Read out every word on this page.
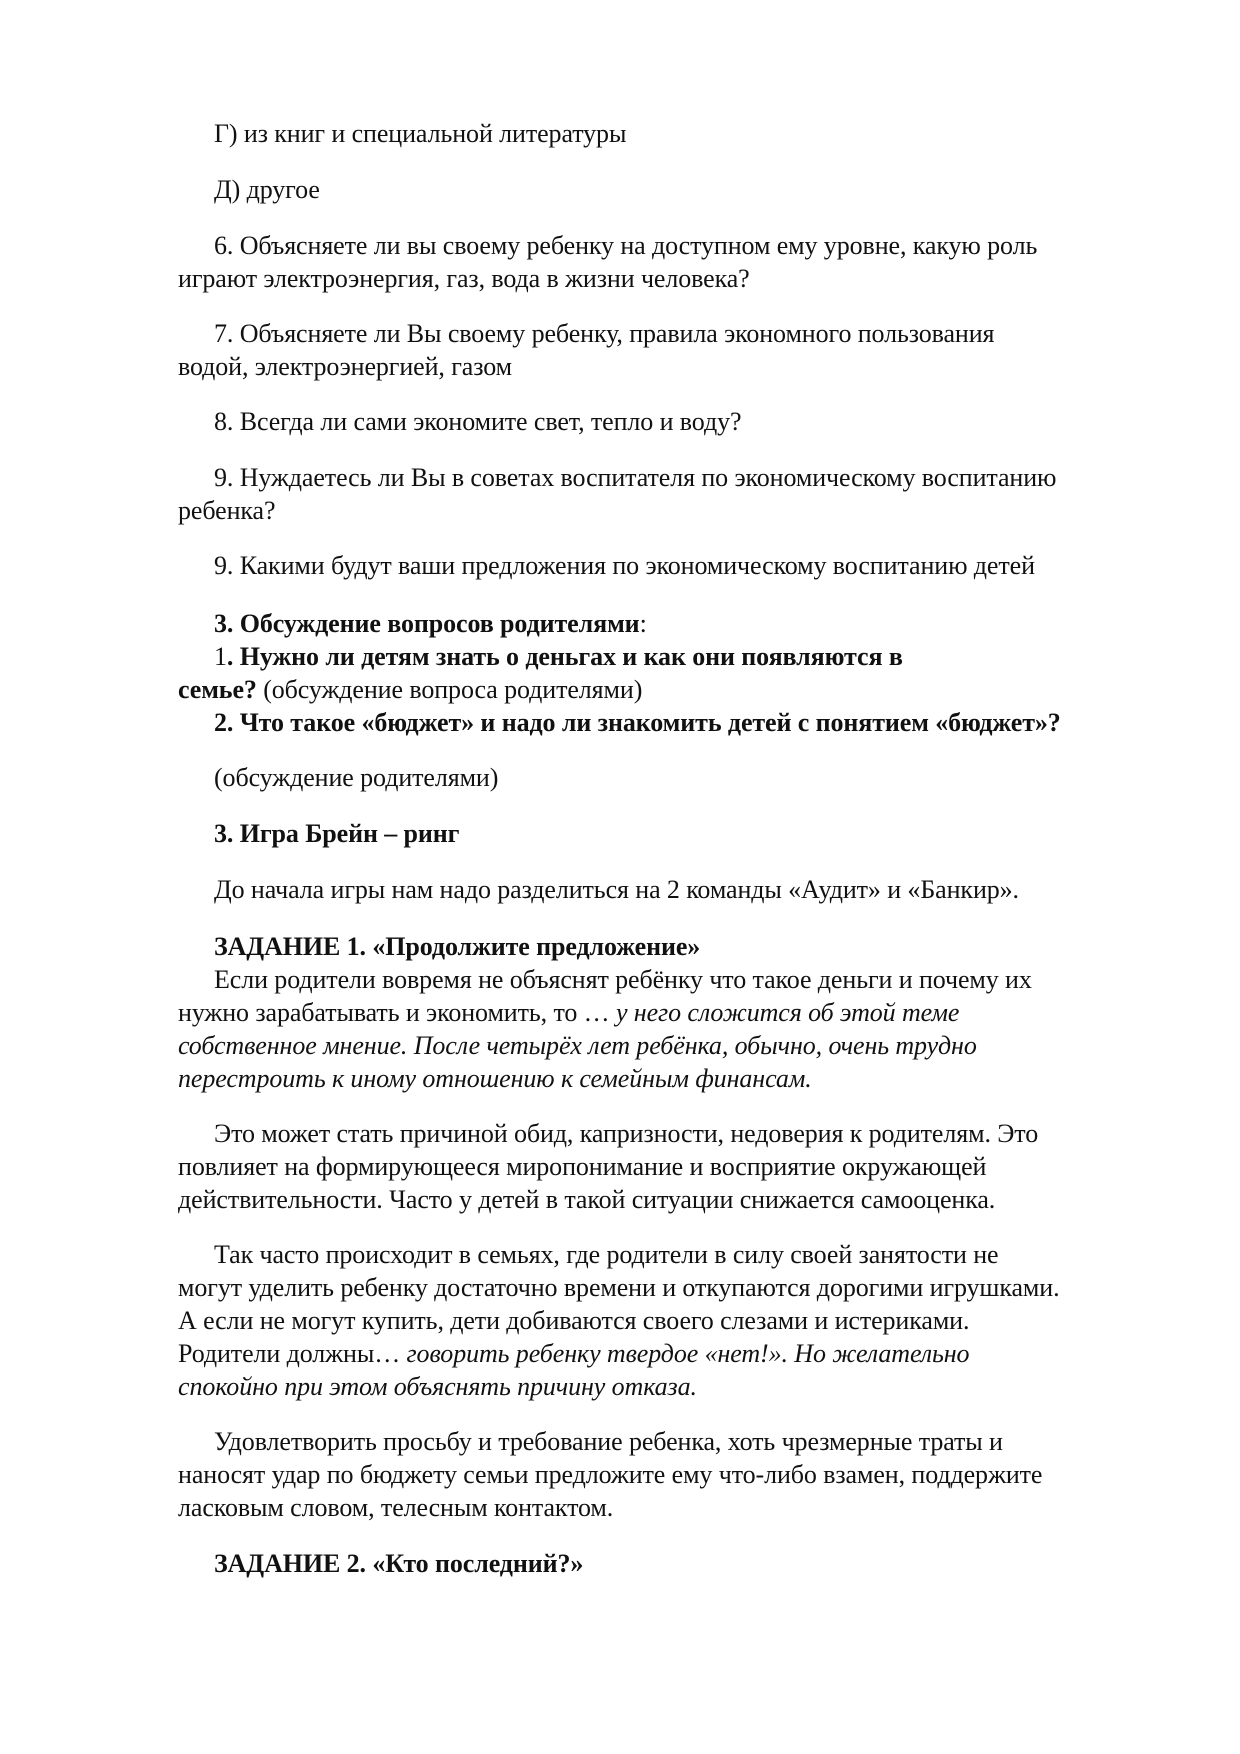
Г) из книг и специальной литературы
Д) другое
6. Объясняете ли вы своему ребенку на доступном ему уровне, какую роль
играют электроэнергия, газ, вода в жизни человека?
7. Объясняете ли Вы своему ребенку, правила экономного пользования
водой, электроэнергией, газом
8. Всегда ли сами экономите свет, тепло и воду?
9. Нуждаетесь ли Вы в советах воспитателя по экономическому воспитанию
ребенка?
9. Какими будут ваши предложения по экономическому воспитанию детей
3. Обсуждение вопросов родителями:
1. Нужно ли детям знать о деньгах и как они появляются в
семье? (обсуждение вопроса родителями)
2. Что такое «бюджет» и надо ли знакомить детей с понятием «бюджет»?
(обсуждение родителями)
3. Игра Брейн – ринг
До начала игры нам надо разделиться на 2 команды «Аудит» и «Банкир».
ЗАДАНИЕ 1. «Продолжите предложение»
Если родители вовремя не объяснят ребёнку что такое деньги и почему их
нужно зарабатывать и экономить, то … у него сложится об этой теме
собственное мнение. После четырёх лет ребёнка, обычно, очень трудно
перестроить к иному отношению к семейным финансам.
Это может стать причиной обид, капризности, недоверия к родителям. Это
повлияет на формирующееся миропонимание и восприятие окружающей
действительности. Часто у детей в такой ситуации снижается самооценка.
Так часто происходит в семьях, где родители в силу своей занятости не
могут уделить ребенку достаточно времени и откупаются дорогими игрушками.
А если не могут купить, дети добиваются своего слезами и истериками.
Родители должны… говорить ребенку твердое «нет!». Но желательно
спокойно при этом объяснять причину отказа.
Удовлетворить просьбу и требование ребенка, хоть чрезмерные траты и
наносят удар по бюджету семьи предложите ему что-либо взамен, поддержите
ласковым словом, телесным контактом.
ЗАДАНИЕ 2. «Кто последний?»
